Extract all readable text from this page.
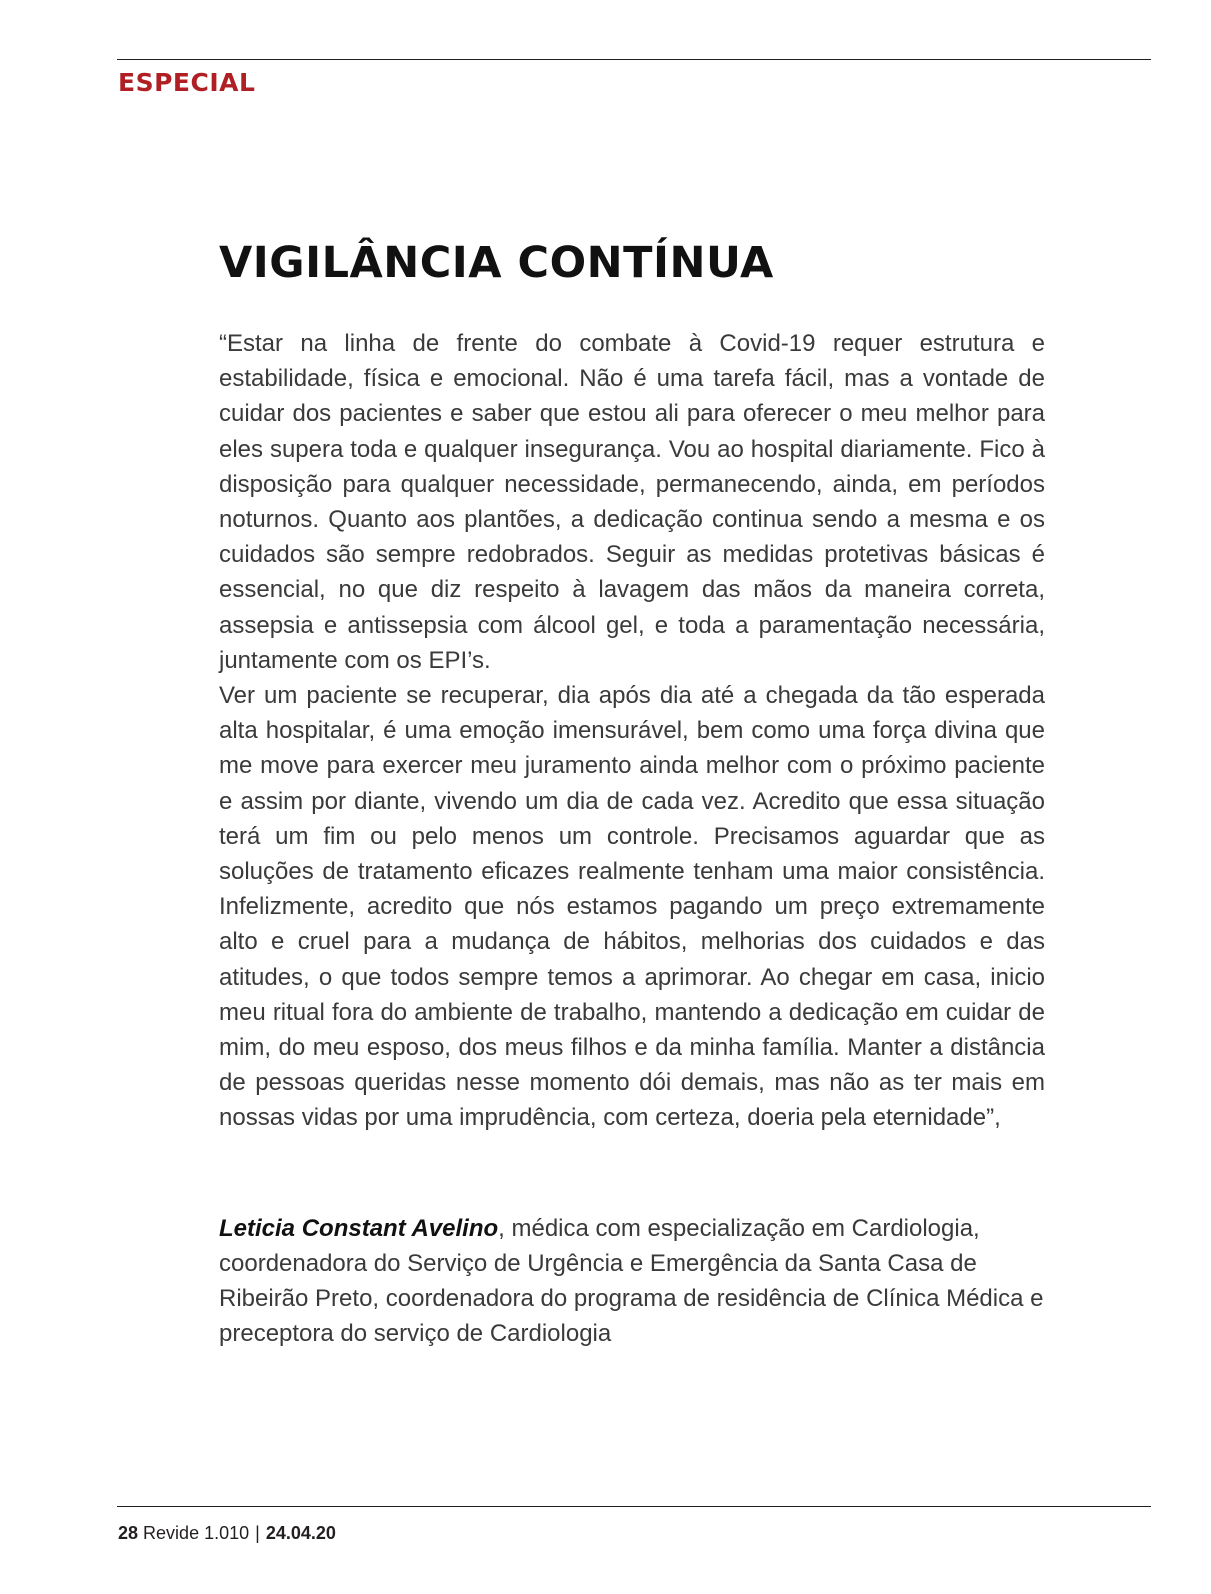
ESPECIAL
VIGILÂNCIA CONTÍNUA

“Estar na linha de frente do combate à Covid-19 requer estrutura e estabilidade, física e emocional. Não é uma tarefa fácil, mas a vontade de cuidar dos pacientes e saber que estou ali para oferecer o meu melhor para eles supera toda e qualquer insegurança. Vou ao hospital diariamente. Fico à disposição para qualquer necessidade, permanecendo, ainda, em períodos noturnos. Quanto aos plantões, a dedicação continua sendo a mesma e os cuidados são sempre redobrados. Seguir as medidas protetivas básicas é essencial, no que diz respeito à lavagem das mãos da maneira correta, assepsia e antissepsia com álcool gel, e toda a paramentação necessária, juntamente com os EPI’s.

Ver um paciente se recuperar, dia após dia até a chegada da tão esperada alta hospitalar, é uma emoção imensurável, bem como uma força divina que me move para exercer meu juramento ainda melhor com o próximo paciente e assim por diante, vivendo um dia de cada vez. Acredito que essa situação terá um fim ou pelo menos um controle. Precisamos aguardar que as soluções de tratamento eficazes realmente tenham uma maior consistência. Infelizmente, acredito que nós estamos pagando um preço extremamente alto e cruel para a mudança de hábitos, melhorias dos cuidados e das atitudes, o que todos sempre temos a aprimorar. Ao chegar em casa, inicio meu ritual fora do ambiente de trabalho, mantendo a dedicação em cuidar de mim, do meu esposo, dos meus filhos e da minha família. Manter a distância de pessoas queridas nesse momento dói demais, mas não as ter mais em nossas vidas por uma imprudência, com certeza, doeria pela eternidade”,

Leticia Constant Avelino, médica com especialização em Cardiologia, coordenadora do Serviço de Urgência e Emergência da Santa Casa de Ribeirão Preto, coordenadora do programa de residência de Clínica Médica e preceptora do serviço de Cardiologia
28 Revide 1.010 | 24.04.20
